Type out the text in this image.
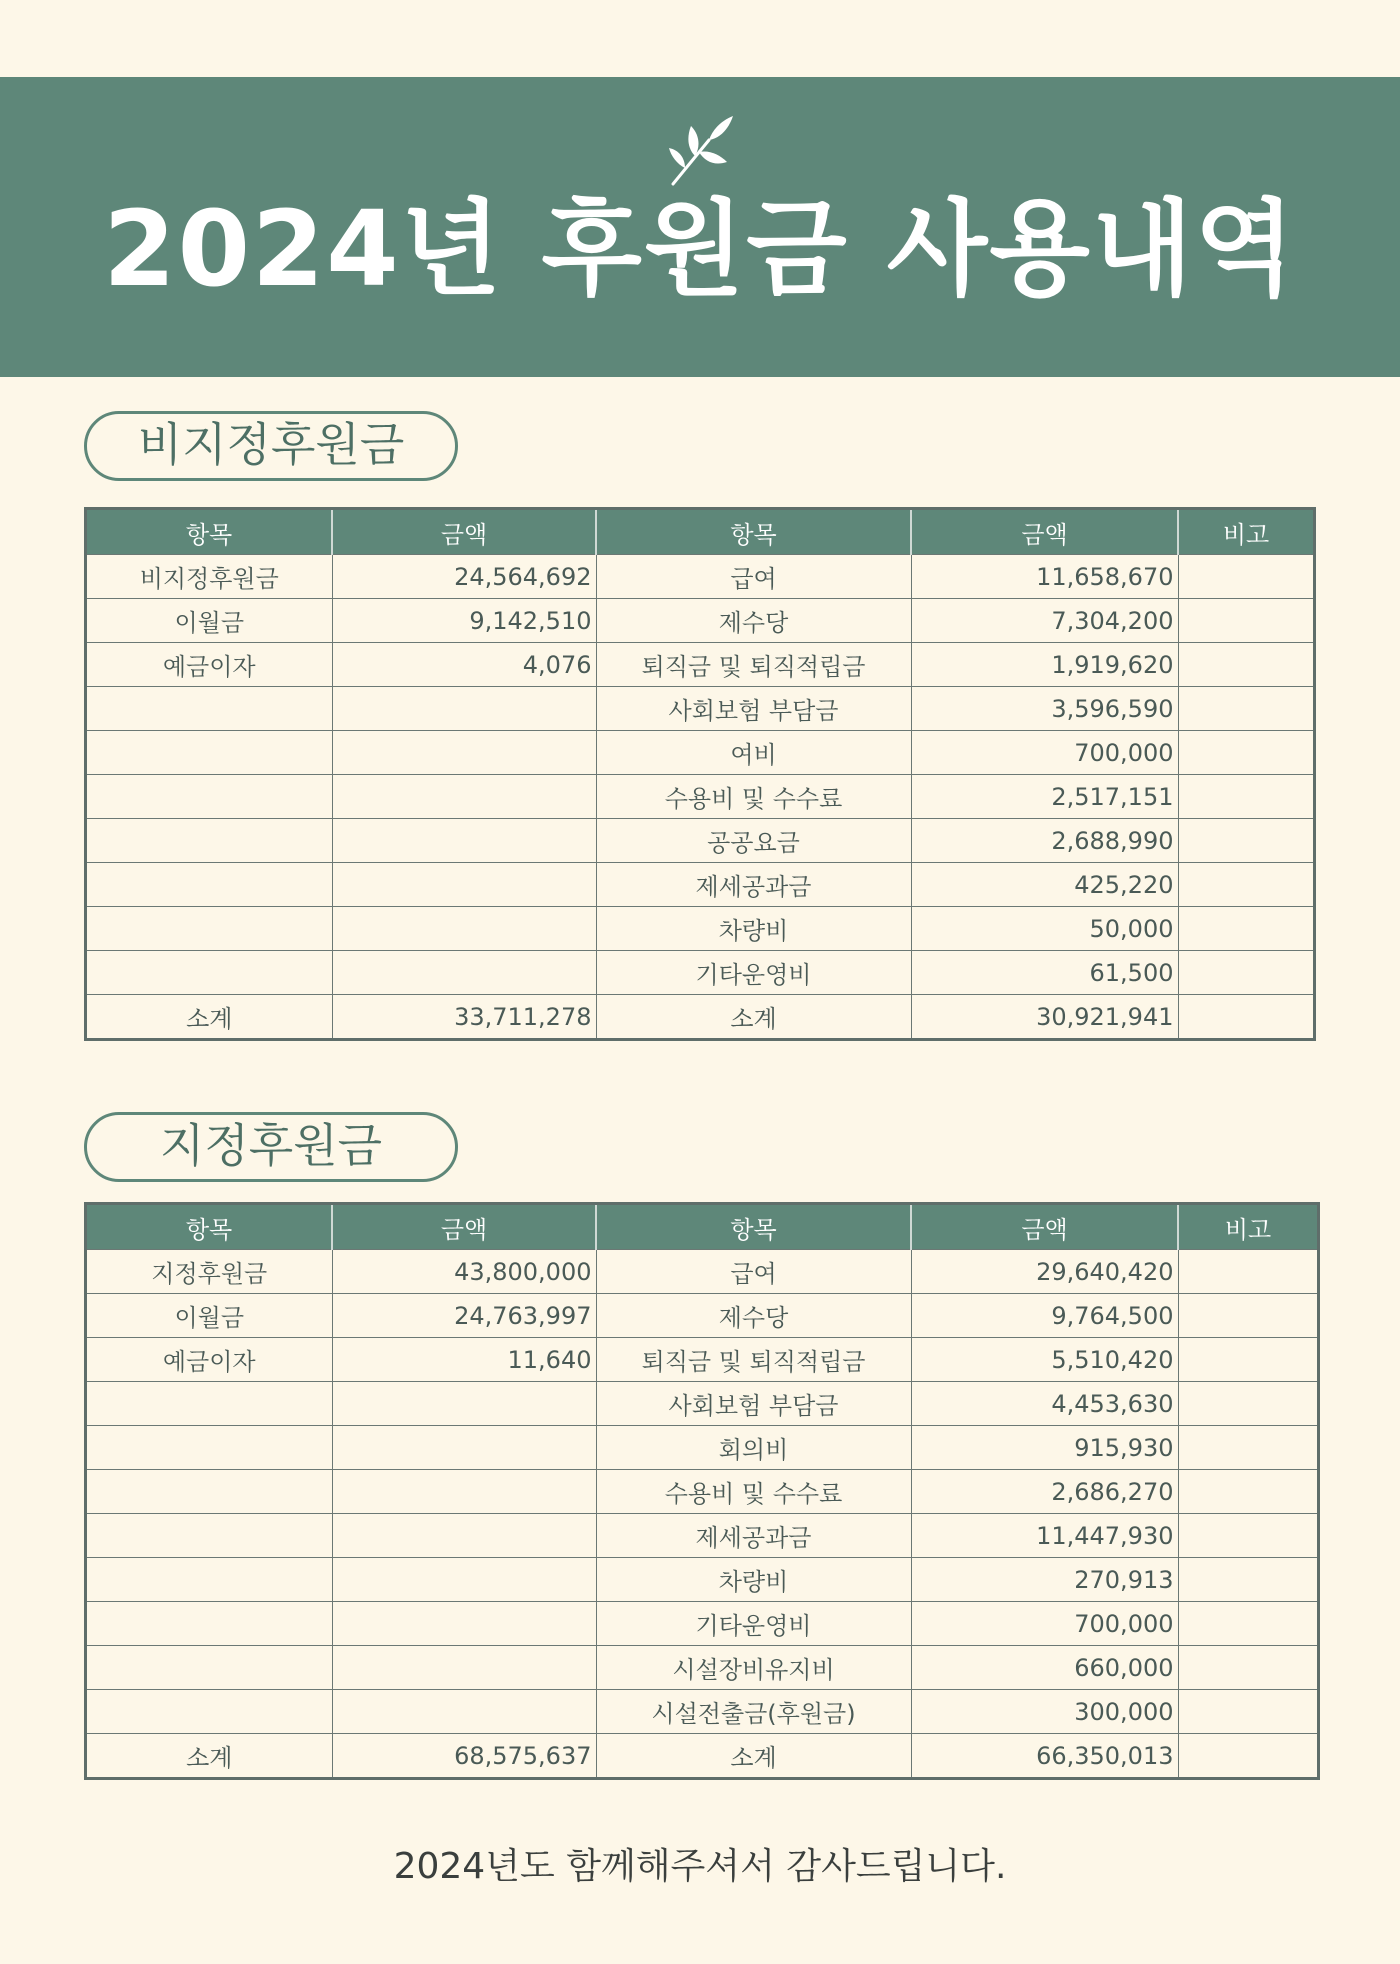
2024년 후원금 사용내역
비지정후원금
항목	금액	항목	금액	비고
비지정후원금	24,564,692	급여	11,658,670	
이월금	9,142,510	제수당	7,304,200	
예금이자	4,076	퇴직금 및 퇴직적립금	1,919,620	
		사회보험 부담금	3,596,590	
		여비	700,000	
		수용비 및 수수료	2,517,151	
		공공요금	2,688,990	
		제세공과금	425,220	
		차량비	50,000	
		기타운영비	61,500	
소계	33,711,278	소계	30,921,941	
지정후원금
항목	금액	항목	금액	비고
지정후원금	43,800,000	급여	29,640,420	
이월금	24,763,997	제수당	9,764,500	
예금이자	11,640	퇴직금 및 퇴직적립금	5,510,420	
		사회보험 부담금	4,453,630	
		회의비	915,930	
		수용비 및 수수료	2,686,270	
		제세공과금	11,447,930	
		차량비	270,913	
		기타운영비	700,000	
		시설장비유지비	660,000	
		시설전출금(후원금)	300,000	
소계	68,575,637	소계	66,350,013	
2024년도 함께해주셔서 감사드립니다.
